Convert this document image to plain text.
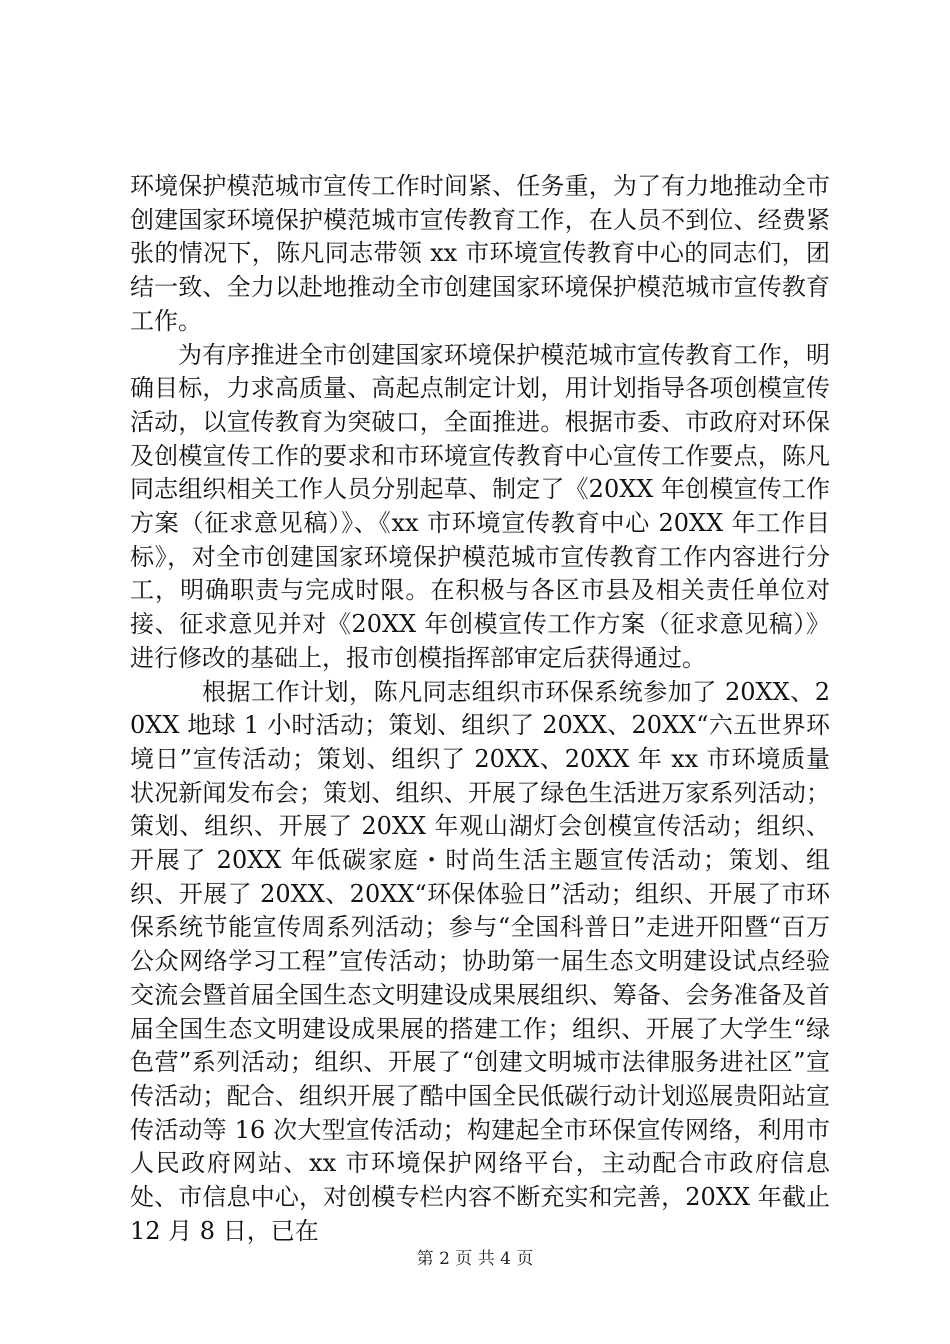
环境保护模范城市宣传工作时间紧、任务重，为了有力地推动全市创建国家环境保护模范城市宣传教育工作，在人员不到位、经费紧张的情况下，陈凡同志带领 xx 市环境宣传教育中心的同志们，团结一致、全力以赴地推动全市创建国家环境保护模范城市宣传教育工作。

为有序推进全市创建国家环境保护模范城市宣传教育工作，明确目标，力求高质量、高起点制定计划，用计划指导各项创模宣传活动，以宣传教育为突破口，全面推进。根据市委、市政府对环保及创模宣传工作的要求和市环境宣传教育中心宣传工作要点，陈凡同志组织相关工作人员分别起草、制定了《20XX 年创模宣传工作方案（征求意见稿）》、《xx 市环境宣传教育中心 20XX 年工作目标》，对全市创建国家环境保护模范城市宣传教育工作内容进行分工，明确职责与完成时限。在积极与各区市县及相关责任单位对接、征求意见并对《20XX 年创模宣传工作方案（征求意见稿）》进行修改的基础上，报市创模指挥部审定后获得通过。

根据工作计划，陈凡同志组织市环保系统参加了 20XX、20XX 地球 1 小时活动；策划、组织了 20XX、20XX“六五世界环境日”宣传活动；策划、组织了 20XX、20XX 年 xx 市环境质量状况新闻发布会；策划、组织、开展了绿色生活进万家系列活动；策划、组织、开展了 20XX 年观山湖灯会创模宣传活动；组织、开展了 20XX 年低碳家庭・时尚生活主题宣传活动；策划、组织、开展了 20XX、20XX“环保体验日”活动；组织、开展了市环保系统节能宣传周系列活动；参与“全国科普日”走进开阳暨“百万公众网络学习工程”宣传活动；协助第一届生态文明建设试点经验交流会暨首届全国生态文明建设成果展组织、筹备、会务准备及首届全国生态文明建设成果展的搭建工作；组织、开展了大学生“绿色营”系列活动；组织、开展了“创建文明城市法律服务进社区”宣传活动；配合、组织开展了酷中国全民低碳行动计划巡展贵阳站宣传活动等 16 次大型宣传活动；构建起全市环保宣传网络，利用市人民政府网站、xx 市环境保护网络平台，主动配合市政府信息处、市信息中心，对创模专栏内容不断充实和完善，20XX 年截止 12 月 8 日，已在

第 2 页 共 4 页
